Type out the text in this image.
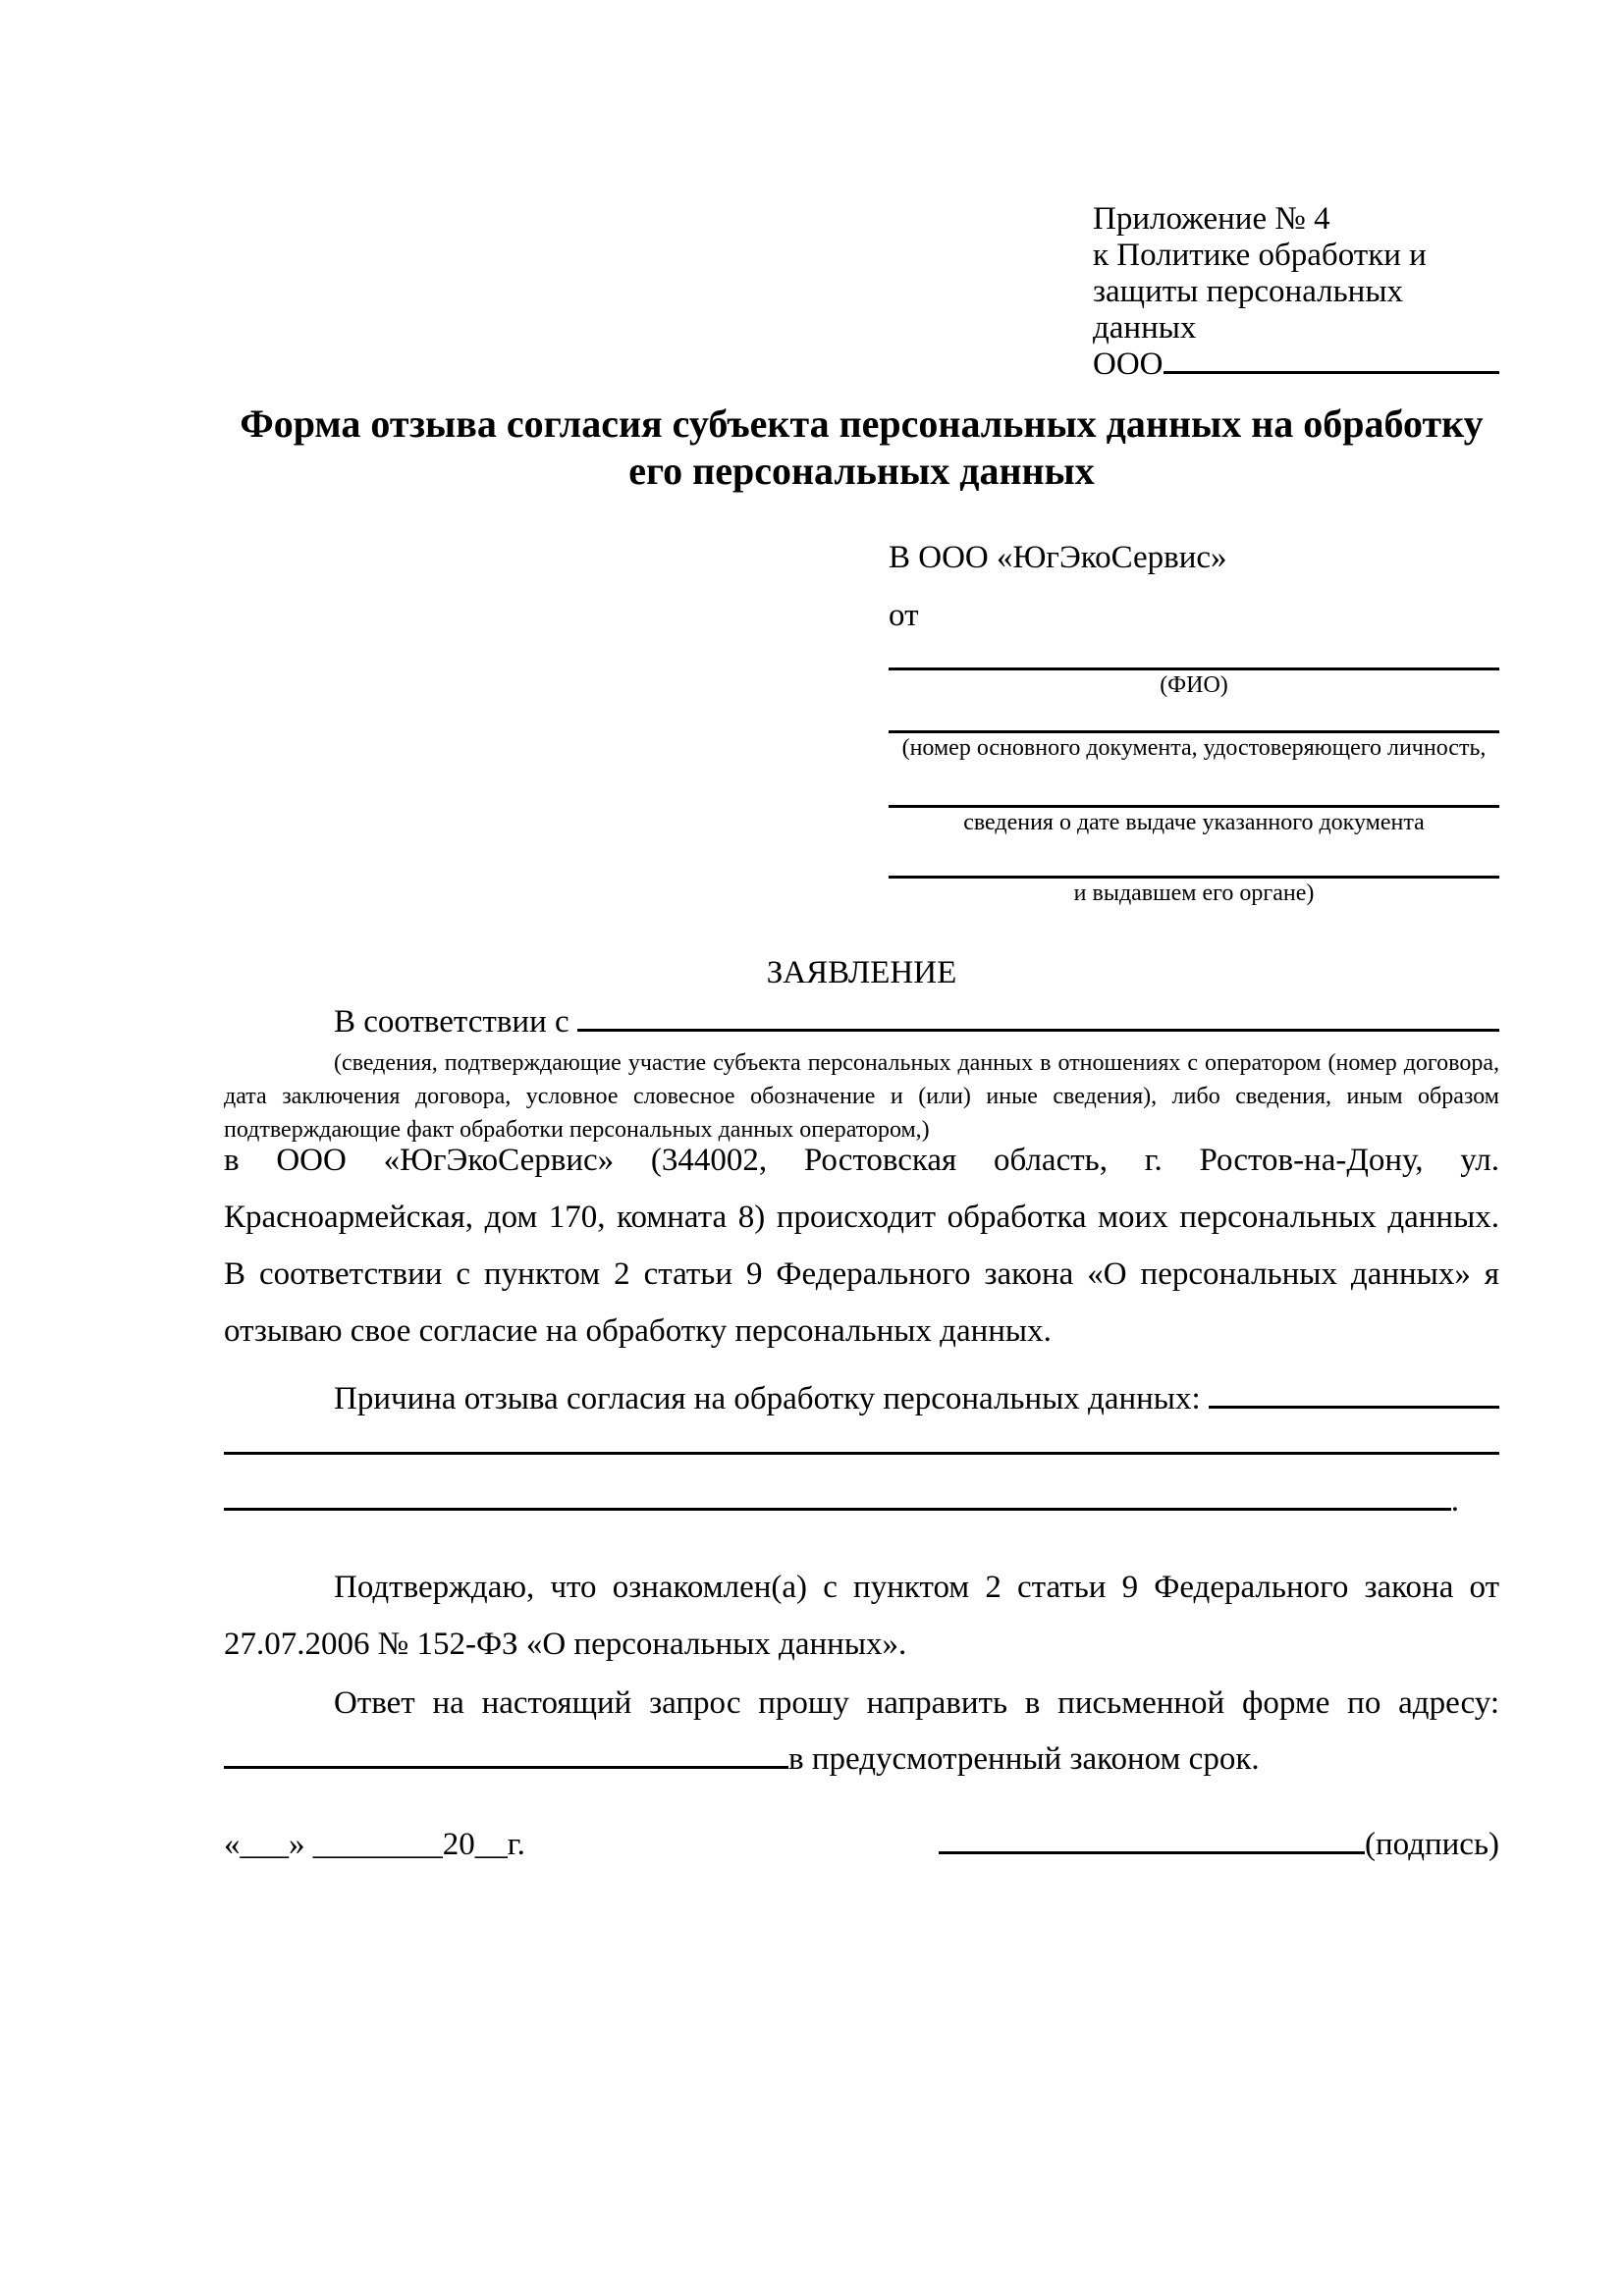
Приложение № 4
к Политике обработки и
защиты персональных данных
ООО
Форма отзыва согласия субъекта персональных данных на обработку
его персональных данных
В ООО «ЮгЭкоСервис»
от
(ФИО)
(номер основного документа, удостоверяющего личность,
сведения о дате выдаче указанного документа
и выдавшем его органе)
ЗАЯВЛЕНИЕ
В соответствии с

(сведения, подтверждающие участие субъекта персональных данных в отношениях с оператором (номер договора, дата заключения договора, условное словесное обозначение и (или) иные сведения), либо сведения, иным образом подтверждающие факт обработки персональных данных оператором,)
в ООО «ЮгЭкоСервис» (344002, Ростовская область, г. Ростов-на-Дону, ул. Красноармейская, дом 170, комната 8) происходит обработка моих персональных данных. В соответствии с пунктом 2 статьи 9 Федерального закона «О персональных данных» я отзываю свое согласие на обработку персональных данных.
Причина отзыва согласия на обработку персональных данных:

.
Подтверждаю, что ознакомлен(а) с пунктом 2 статьи 9 Федерального закона от 27.07.2006 № 152-ФЗ «О персональных данных».
Ответ на настоящий запрос прошу направить в письменной форме по адресу:
в предусмотренный законом срок.
«___» ________20__г.	(подпись)
